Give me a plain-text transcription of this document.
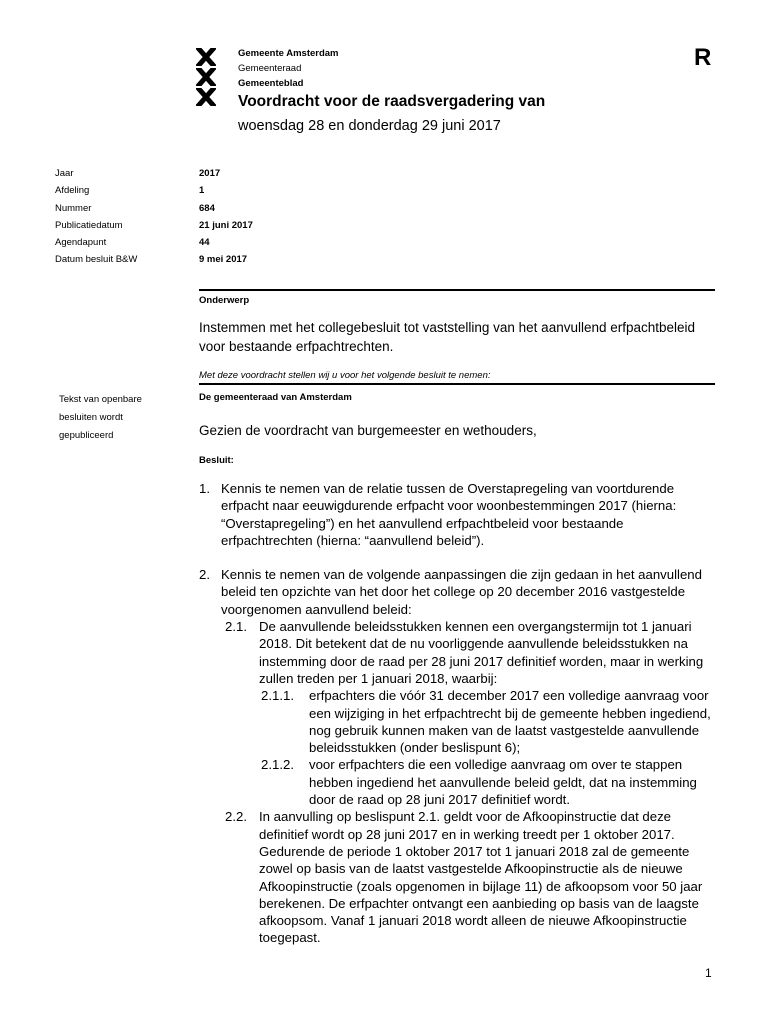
Gemeente Amsterdam
Gemeenteraad
Gemeenteblad
R
Voordracht voor de raadsvergadering van
woensdag 28 en donderdag 29 juni 2017
Jaar	2017
Afdeling	1
Nummer	684
Publicatiedatum	21 juni 2017
Agendapunt	44
Datum besluit B&W	9 mei 2017
Onderwerp
Instemmen met het collegebesluit tot vaststelling van het aanvullend erfpachtbeleid voor bestaande erfpachtrechten.
Met deze voordracht stellen wij u voor het volgende besluit te nemen:
Tekst van openbare besluiten wordt gepubliceerd
De gemeenteraad van Amsterdam
Gezien de voordracht van burgemeester en wethouders,
Besluit:
1. Kennis te nemen van de relatie tussen de Overstapregeling van voortdurende erfpacht naar eeuwigdurende erfpacht voor woonbestemmingen 2017 (hierna: “Overstapregeling”) en het aanvullend erfpachtbeleid voor bestaande erfpachtrechten (hierna: “aanvullend beleid”).
2. Kennis te nemen van de volgende aanpassingen die zijn gedaan in het aanvullend beleid ten opzichte van het door het college op 20 december 2016 vastgestelde voorgenomen aanvullend beleid:
2.1. De aanvullende beleidsstukken kennen een overgangstermijn tot 1 januari 2018. Dit betekent dat de nu voorliggende aanvullende beleidsstukken na instemming door de raad per 28 juni 2017 definitief worden, maar in werking zullen treden per 1 januari 2018, waarbij:
2.1.1.	erfpachters die vóór 31 december 2017 een volledige aanvraag voor een wijziging in het erfpachtrecht bij de gemeente hebben ingediend, nog gebruik kunnen maken van de laatst vastgestelde aanvullende beleidsstukken (onder beslispunt 6);
2.1.2.	voor erfpachters die een volledige aanvraag om over te stappen hebben ingediend het aanvullende beleid geldt, dat na instemming door de raad op 28 juni 2017 definitief wordt.
2.2. In aanvulling op beslispunt 2.1. geldt voor de Afkoopinstructie dat deze definitief wordt op 28 juni 2017 en in werking treedt per 1 oktober 2017. Gedurende de periode 1 oktober 2017 tot 1 januari 2018 zal de gemeente zowel op basis van de laatst vastgestelde Afkoopinstructie als de nieuwe Afkoopinstructie (zoals opgenomen in bijlage 11) de afkoopsom voor 50 jaar berekenen. De erfpachter ontvangt een aanbieding op basis van de laagste afkoopsom. Vanaf 1 januari 2018 wordt alleen de nieuwe Afkoopinstructie toegepast.
1
